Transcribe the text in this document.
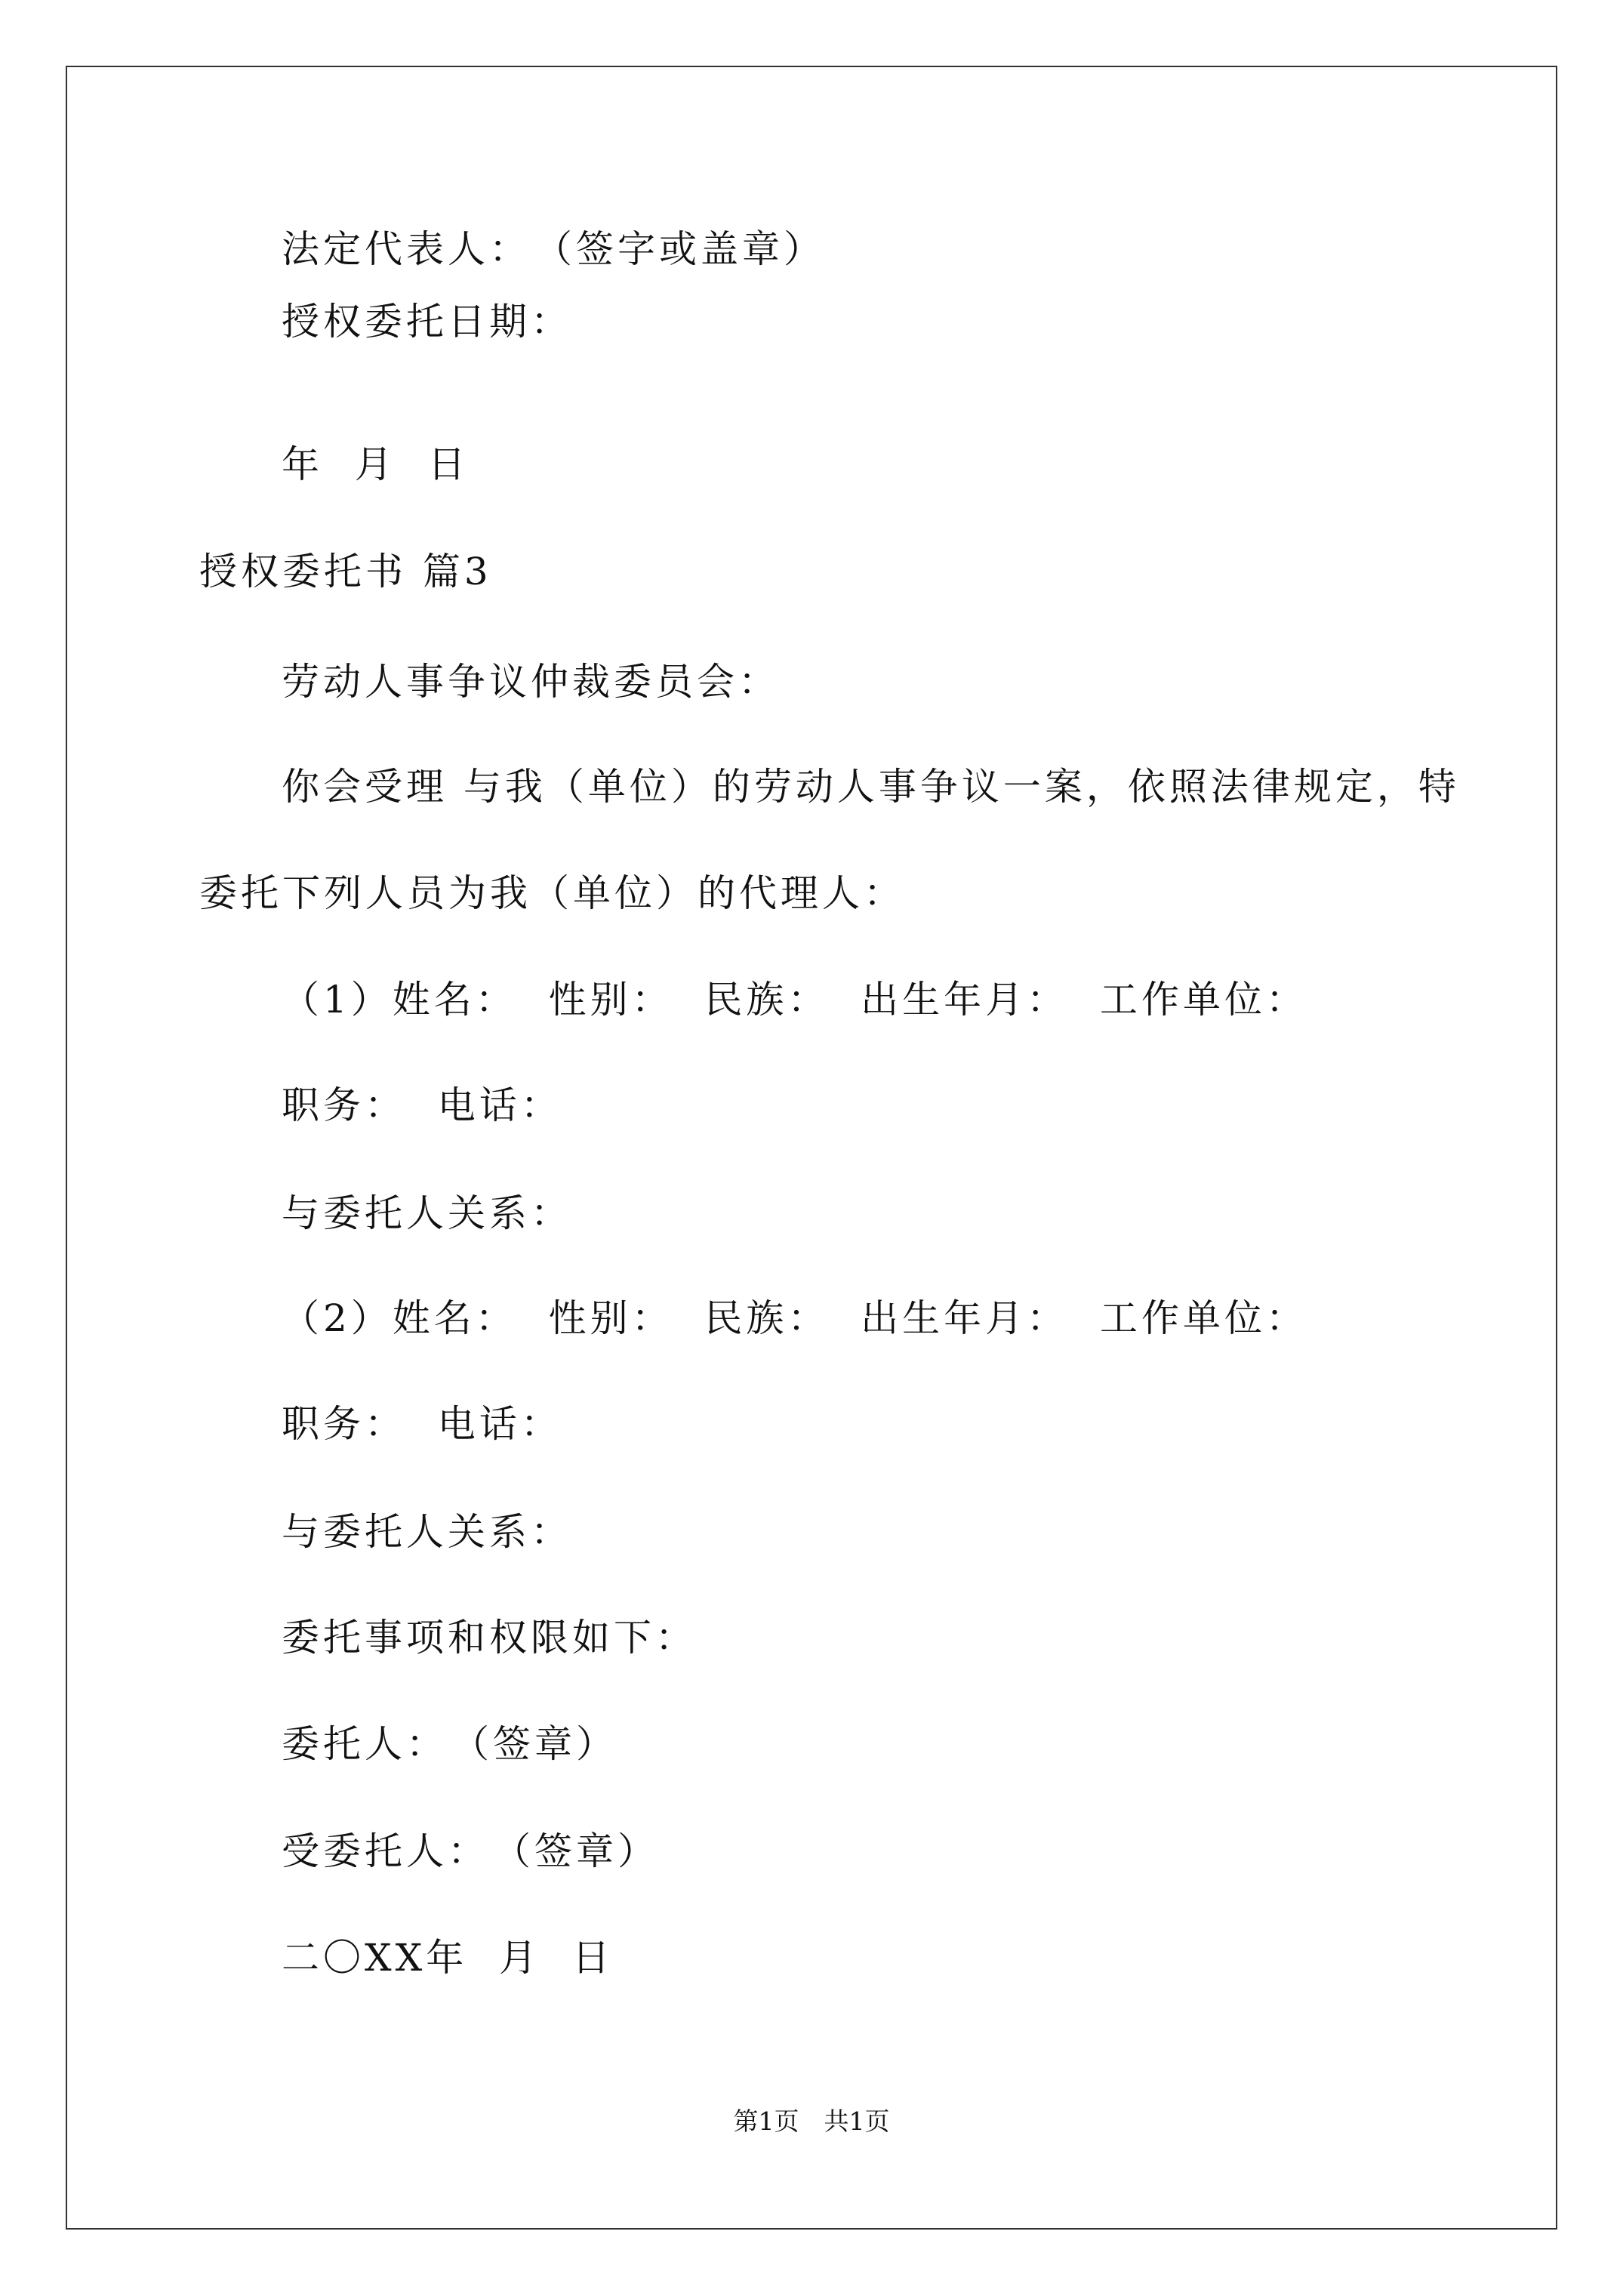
法定代表人：　（签字或盖章）
授权委托日期：
年  月  日
授权委托书 篇3
劳动人事争议仲裁委员会：
你会受理 与我（单位）的劳动人事争议一案，依照法律规定，特
委托下列人员为我（单位）的代理人：
（1）姓名：  性别：  民族：  出生年月：  工作单位：
职务：  电话：
与委托人关系：
（2）姓名：  性别：  民族：  出生年月：  工作单位：
职务：  电话：
与委托人关系：
委托事项和权限如下：
委托人：　（签章）
受委托人：　（签章）
二〇XX年  月  日
第1页　共1页
